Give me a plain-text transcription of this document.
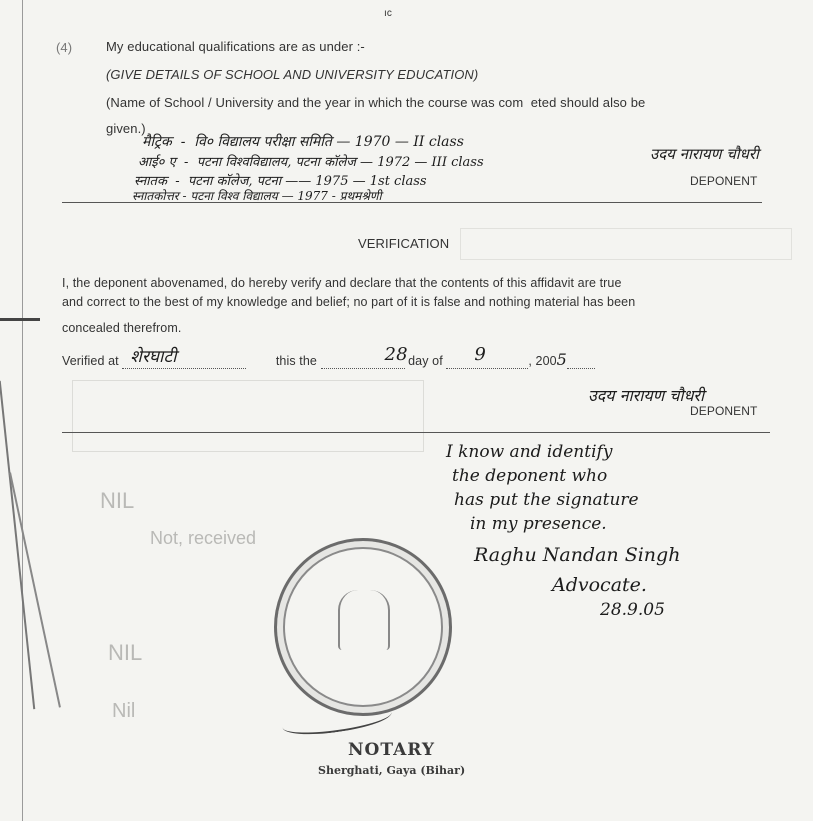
ıc
NIL
Not, received
NIL
Nil
(4)	My educational qualifications are as under :-
(GIVE DETAILS OF SCHOOL AND UNIVERSITY EDUCATION)
(Name of School / University and the year in which the course was com  eted should also be
given.)
मैट्रिक  -  वि० विद्यालय परीक्षा समिति — 1970 — II class
आई० ए  -  पटना विश्वविद्यालय, पटना कॉलेज — 1972 — III class
स्नातक  -  पटना कॉलेज, पटना —— 1975 — 1st class
स्नातकोत्तर - पटना विश्व विद्यालय — 1977 - प्रथमश्रेणी
उदय नारायण चौधरी
DEPONENT
VERIFICATION
I, the deponent abovenamed, do hereby verify and declare that the contents of this affidavit are true
and correct to the best of my knowledge and belief; no part of it is false and nothing material has been
concealed therefrom.
Verified at शेरघाटी	this the	28 day of 9	, 2005
उदय नारायण चौधरी
DEPONENT
I know and identify
the deponent who
has put the signature
in my presence.
Raghu Nandan Singh
Advocate.
28.9.05
NOTARY
Sherghati, Gaya (Bihar)
